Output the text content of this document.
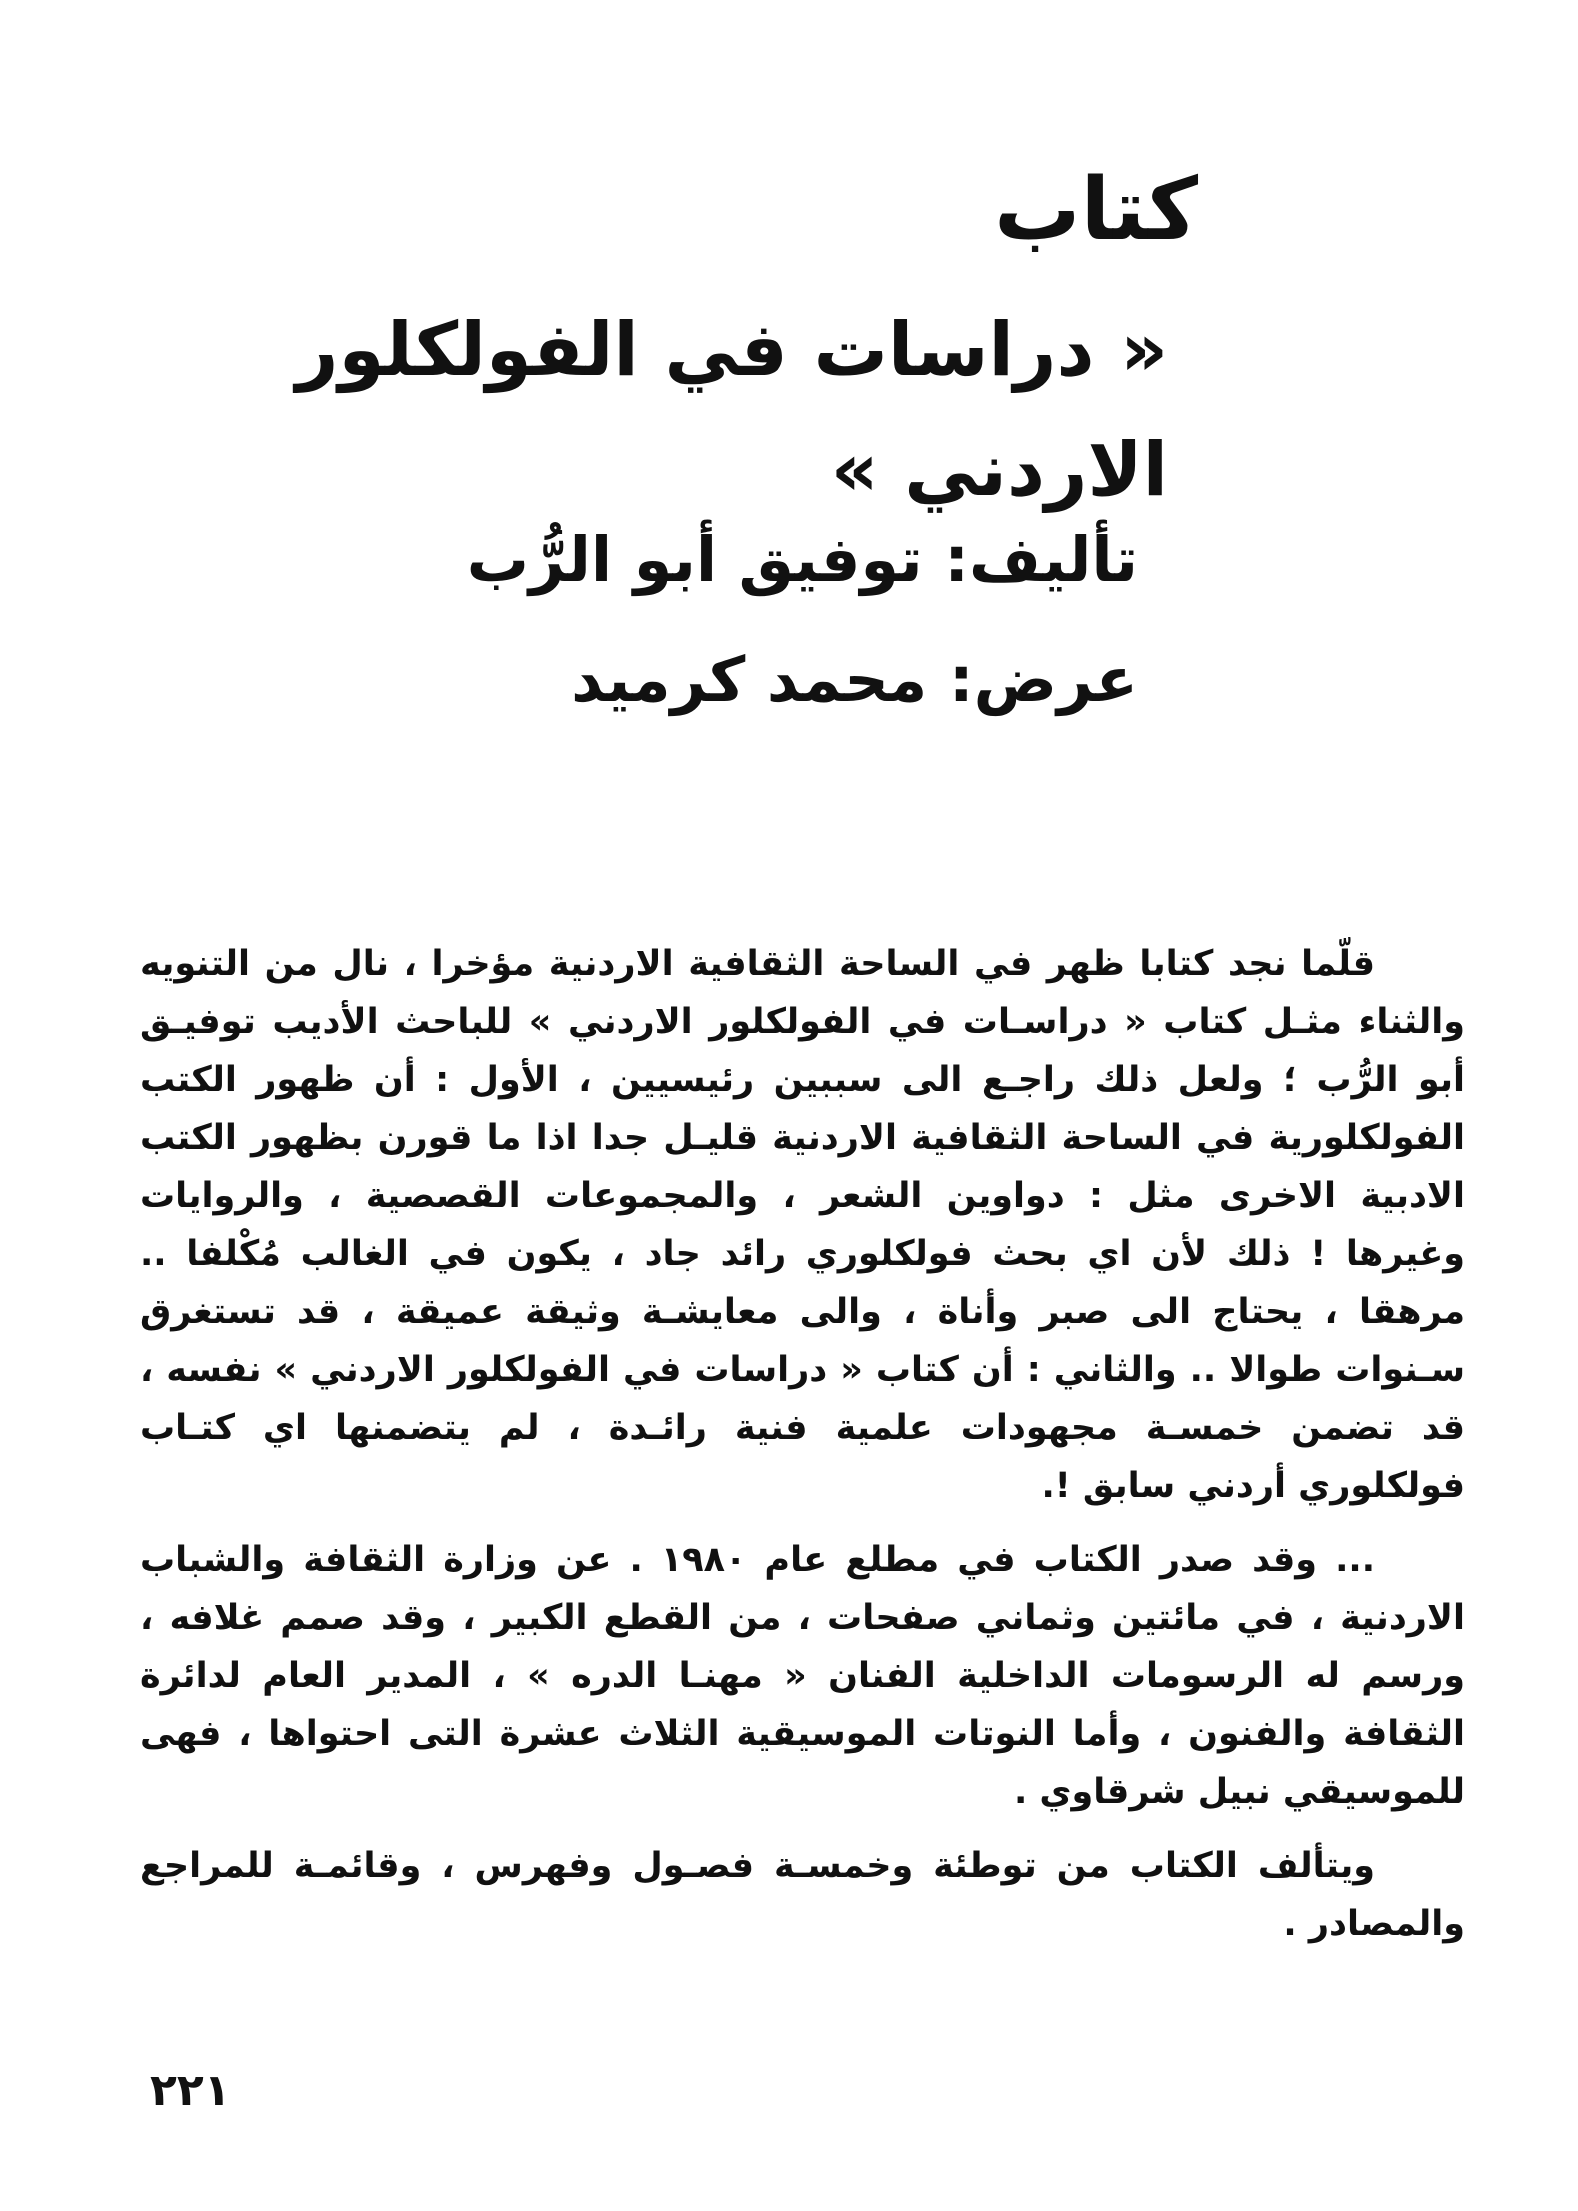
كتاب
« دراسات في الفولكلور الاردني »

تأليف: توفيق أبو الرُّب

عرض: محمد كرميد

قلّما نجد كتابا ظهر في الساحة الثقافية الاردنية مؤخرا ، نال من التنويه والثناء مثـل كتاب « دراسـات في الفولكلور الاردني » للباحث الأديب توفيـق أبو الرُّب ؛ ولعل ذلك راجـع الى سببين رئيسيين ، الأول : أن ظهور الكتب الفولكلورية في الساحة الثقافية الاردنية قليـل جدا اذا ما قورن بظهور الكتب الادبية الاخرى مثل : دواوين الشعر ، والمجموعات القصصية ، والروايات وغيرها ! ذلك لأن اي بحث فولكلوري رائد جاد ، يكون في الغالب مُكْلفا .. مرهقا ، يحتاج الى صبر وأناة ، والى معايشـة وثيقة عميقة ، قد تستغرق سـنوات طوالا .. والثاني : أن كتاب « دراسات في الفولكلور الاردني » نفسه ، قد تضمن خمسـة مجهودات علمية فنية رائـدة ، لم يتضمنها اي كتـاب فولكلوري أردني سابق !.

... وقد صدر الكتاب في مطلع عام ١٩٨٠ . عن وزارة الثقافة والشباب الاردنية ، في مائتين وثماني صفحات ، من القطع الكبير ، وقد صمم غلافه ، ورسم له الرسومات الداخلية الفنان « مهنـا الدره » ، المدير العام لدائرة الثقافة والفنون ، وأما النوتات الموسيقية الثلاث عشرة التى احتواها ، فهى للموسيقي نبيل شرقاوي .

ويتألف الكتاب من توطئة وخمسـة فصـول وفهرس ، وقائمـة للمراجع والمصادر .

٢٢١
